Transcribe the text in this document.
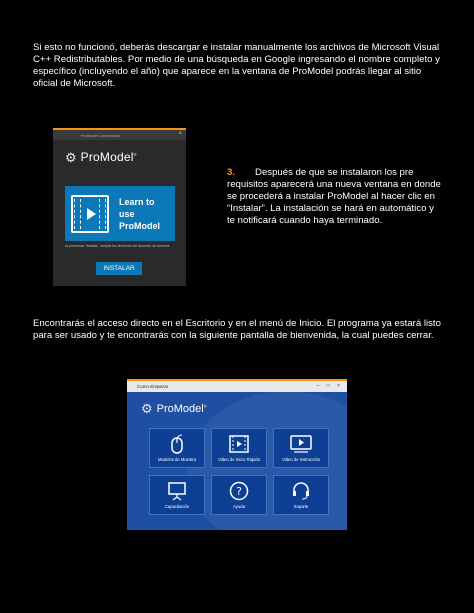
Si esto no funcionó, deberás descargar e instalar manualmente los archivos de Microsoft Visual C++ Redistributables. Por medio de una búsqueda en Google ingresando el nombre completo y específico (incluyendo el año) que aparece en la ventana de ProModel podrás llegar al sitio oficial de Microsoft.

ProModel Corporation	×
⚙ ProModel®
Learn to use ProModel
Al presionar 'Instalar', acepta los términos del acuerdo de licencia
INSTALAR

3. Después de que se instalaron los pre requisitos aparecerá una nueva ventana en donde se procederá a instalar ProModel al hacer clic en “Instalar”. La instalación se hará en automático y te notificará cuando haya terminado.

Encontrarás el acceso directo en el Escritorio y en el menú de Inicio. El programa ya estará listo para ser usado y te encontrarás con la siguiente pantalla de bienvenida, la cual puedes cerrar.

Como Empezar	– □ ×
⚙ ProModel®
Modelos de Muestra	Video de Inicio Rápido	Video de Instrucción
Capacitación
?
Ayuda	Soporte
